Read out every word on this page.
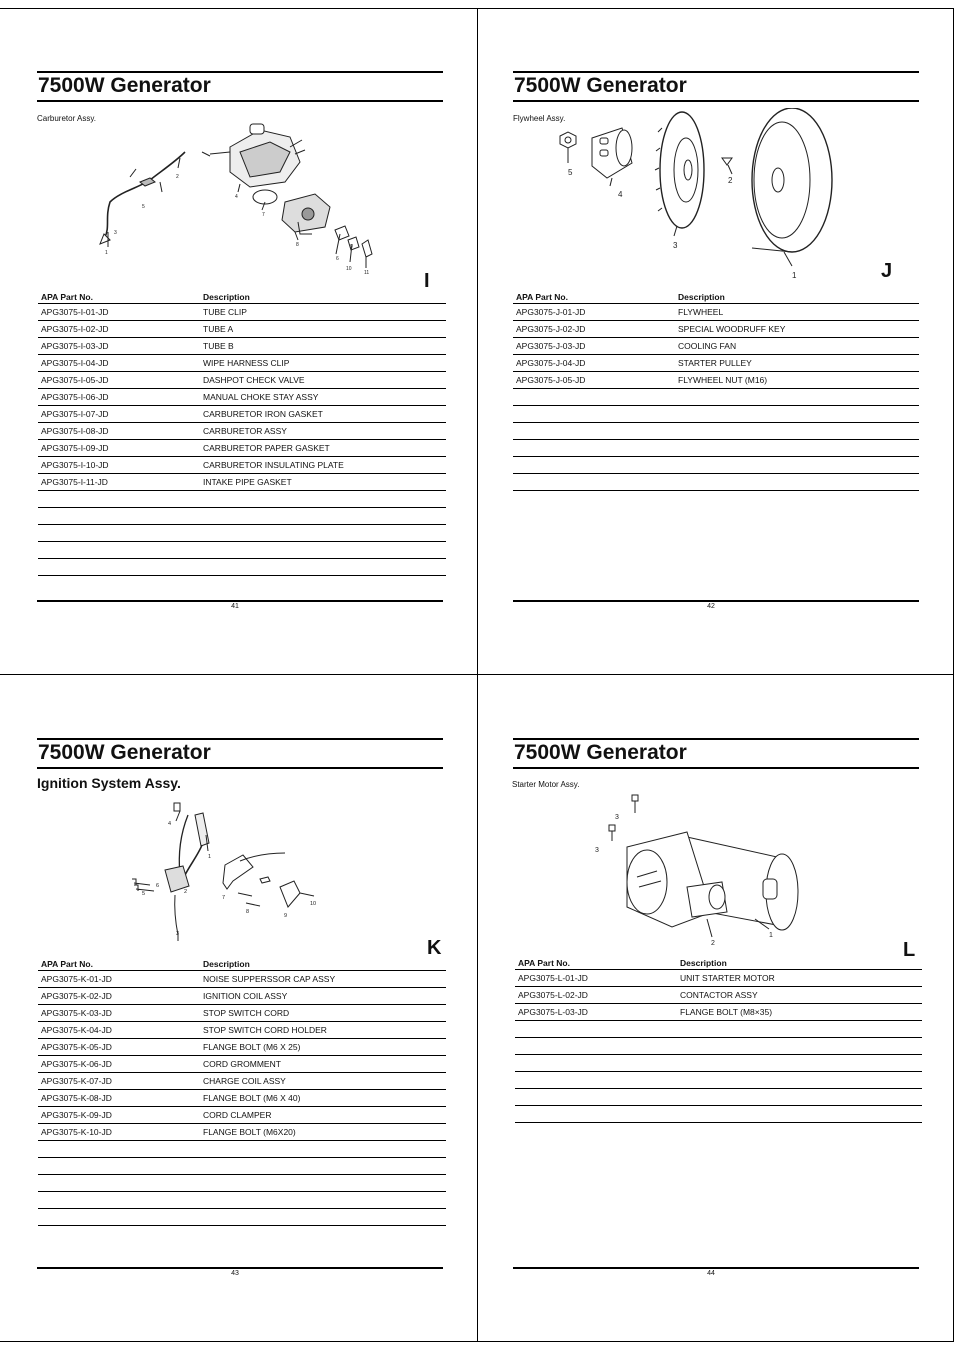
7500W Generator
Carburetor Assy.
1
2
3
4
5
6
7
8	9
10
11	I
APA Part No.	Description
APG3075-I-01-JD	TUBE CLIP
APG3075-I-02-JD	TUBE A
APG3075-I-03-JD	TUBE B
APG3075-I-04-JD	WIPE HARNESS CLIP
APG3075-I-05-JD	DASHPOT CHECK VALVE
APG3075-I-06-JD	MANUAL CHOKE STAY ASSY
APG3075-I-07-JD	CARBURETOR IRON GASKET
APG3075-I-08-JD	CARBURETOR ASSY
APG3075-I-09-JD	CARBURETOR PAPER GASKET
APG3075-I-10-JD	CARBURETOR INSULATING PLATE
APG3075-I-11-JD	INTAKE PIPE GASKET

41
7500W Generator
Flywheel Assy.
1
2
3
4
5
J
APA Part No.	Description
APG3075-J-01-JD	FLYWHEEL
APG3075-J-02-JD	SPECIAL WOODRUFF KEY
APG3075-J-03-JD	COOLING FAN
APG3075-J-04-JD	STARTER PULLEY
APG3075-J-05-JD	FLYWHEEL NUT (M16)

42
7500W Generator
Ignition System Assy.
1
2
3
4
5
6
7
8
9
10
K
APA Part No.	Description
APG3075-K-01-JD	NOISE SUPPERSSOR CAP ASSY
APG3075-K-02-JD	IGNITION COIL ASSY
APG3075-K-03-JD	STOP SWITCH CORD
APG3075-K-04-JD	STOP SWITCH CORD HOLDER
APG3075-K-05-JD	FLANGE BOLT (M6 X 25)
APG3075-K-06-JD	CORD GROMMENT
APG3075-K-07-JD	CHARGE COIL ASSY
APG3075-K-08-JD	FLANGE BOLT (M6 X 40)
APG3075-K-09-JD	CORD CLAMPER
APG3075-K-10-JD	FLANGE BOLT (M6X20)

43
7500W Generator
Starter Motor Assy.
1
2
3
3
L
APA Part No.	Description
APG3075-L-01-JD	UNIT STARTER MOTOR
APG3075-L-02-JD	CONTACTOR ASSY
APG3075-L-03-JD	FLANGE BOLT (M8×35)

44
